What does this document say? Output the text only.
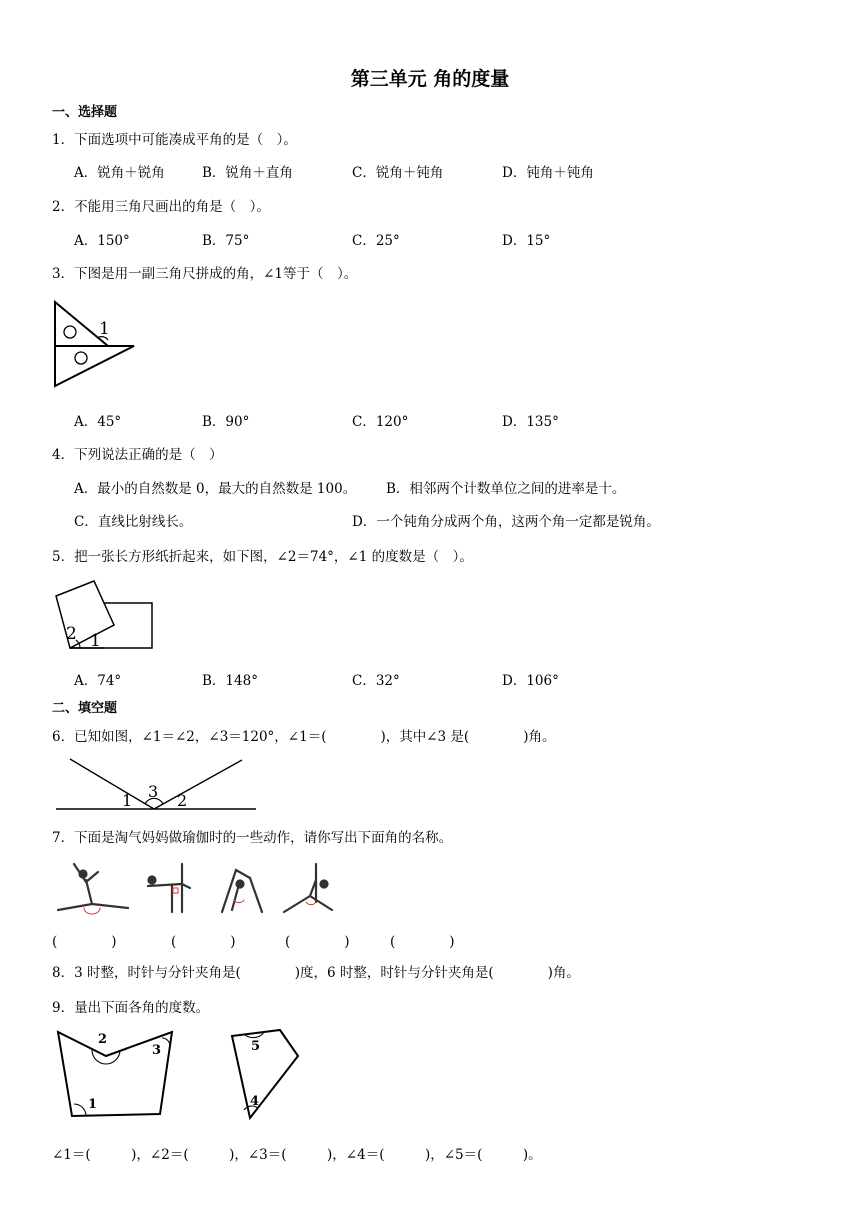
第三单元 角的度量
一、选择题
1．下面选项中可能凑成平角的是（　）。
A．锐角＋锐角	B．锐角＋直角	C．锐角＋钝角	D．钝角＋钝角
2．不能用三角尺画出的角是（　）。
A．150°	B．75°	C．25°	D．15°
3．下图是用一副三角尺拼成的角，∠1等于（　）。
1
A．45°	B．90°	C．120°	D．135°
4．下列说法正确的是（　）
A．最小的自然数是 0，最大的自然数是 100。 B．相邻两个计数单位之间的进率是十。
C．直线比射线长。	D．一个钝角分成两个角，这两个角一定都是锐角。
5．把一张长方形纸折起来，如下图，∠2＝74°，∠1 的度数是（　）。
2 1
A．74°	B．148°	C．32°	D．106°
二、填空题
6．已知如图，∠1＝∠2，∠3＝120°，∠1＝(　　　　)，其中∠3 是(　　　　)角。
1 3 2
7．下面是淘气妈妈做瑜伽时的一些动作，请你写出下面角的名称。
(　　　　)	(　　　　)	(　　　　)	(　　　　)
8．3 时整，时针与分针夹角是(　　　　)度，6 时整，时针与分针夹角是(　　　　)角。
9．量出下面各角的度数。
2
3
1
5
4
∠1＝(　　　)，∠2＝(　　　)，∠3＝(　　　)，∠4＝(　　　)，∠5＝(　　　)。
